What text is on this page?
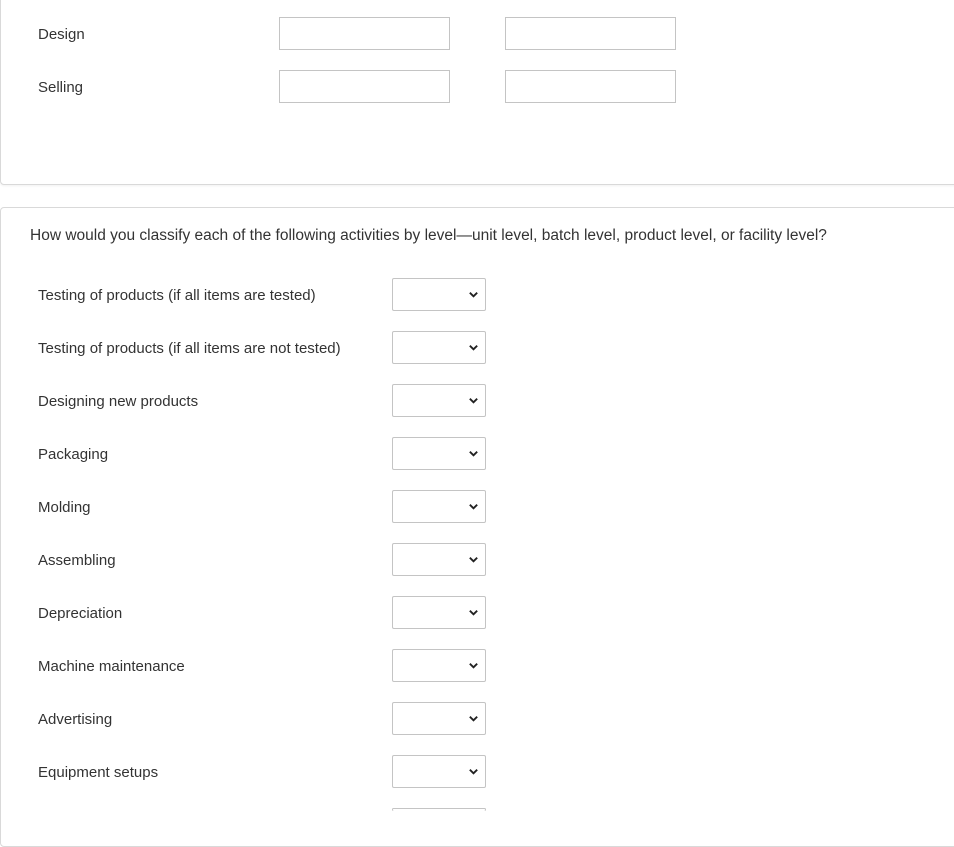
Design
Selling
How would you classify each of the following activities by level—unit level, batch level, product level, or facility level?
Testing of products (if all items are tested)
Testing of products (if all items are not tested)
Designing new products
Packaging
Molding
Assembling
Depreciation
Machine maintenance
Advertising
Equipment setups
